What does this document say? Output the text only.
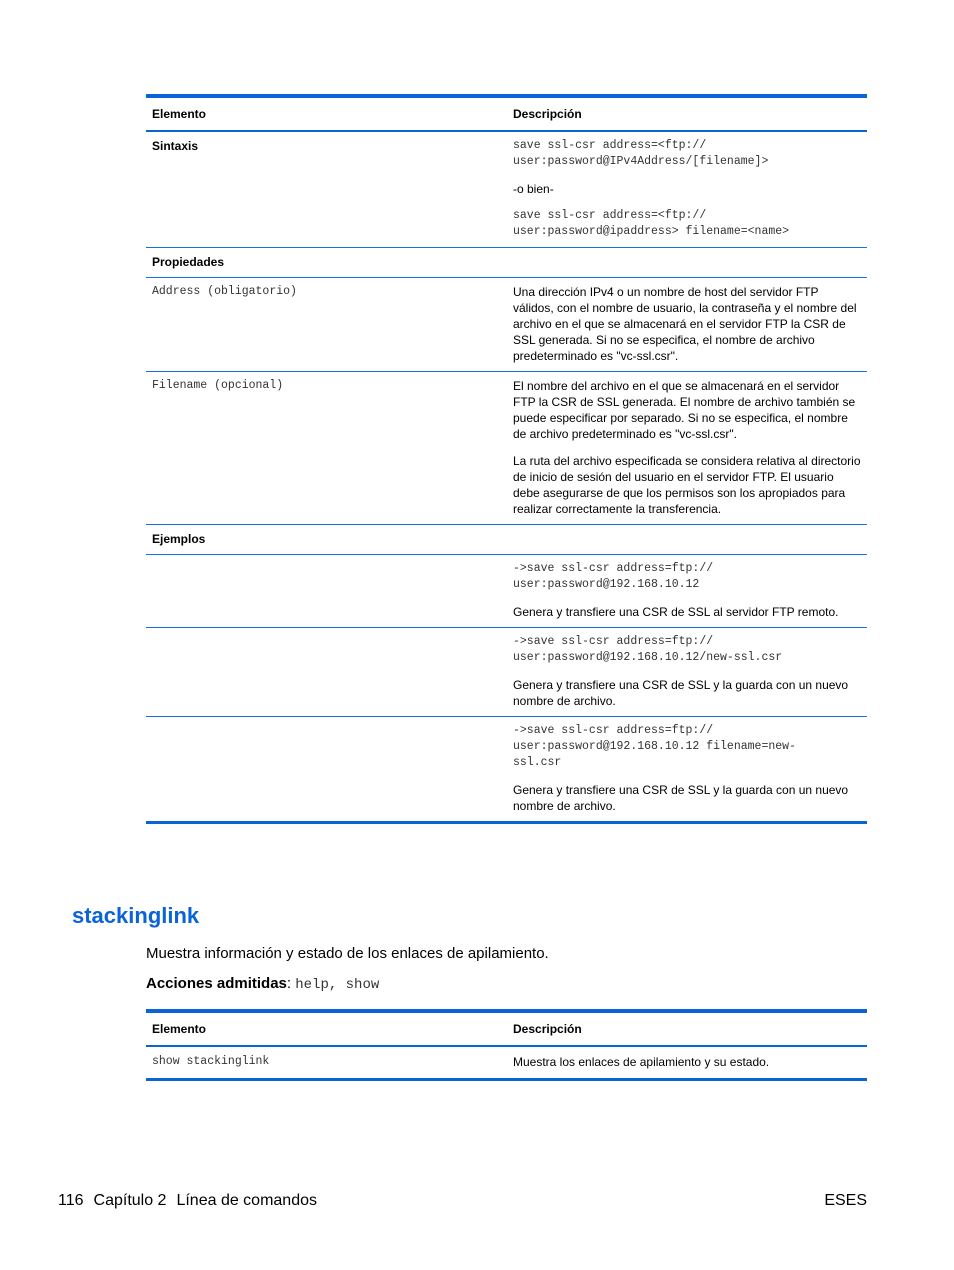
Elemento	Descripción
Sintaxis	save ssl-csr address=<ftp://
user:password@IPv4Address/[filename]>
-o bien-
save ssl-csr address=<ftp://
user:password@ipaddress> filename=<name>

Propiedades	
Address (obligatorio)	Una dirección IPv4 o un nombre de host del servidor FTP válidos, con el nombre de usuario, la contraseña y el nombre del archivo en el que se almacenará en el servidor FTP la CSR de SSL generada. Si no se especifica, el nombre de archivo predeterminado es "vc-ssl.csr".
Filename (opcional)	El nombre del archivo en el que se almacenará en el servidor FTP la CSR de SSL generada. El nombre de archivo también se puede especificar por separado. Si no se especifica, el nombre de archivo predeterminado es "vc-ssl.csr".
La ruta del archivo especificada se considera relativa al directorio de inicio de sesión del usuario en el servidor FTP. El usuario debe asegurarse de que los permisos son los apropiados para realizar correctamente la transferencia.

Ejemplos	

	->save ssl-csr address=ftp://
user:password@192.168.10.12
Genera y transfiere una CSR de SSL al servidor FTP remoto.

	->save ssl-csr address=ftp://
user:password@192.168.10.12/new-ssl.csr
Genera y transfiere una CSR de SSL y la guarda con un nuevo nombre de archivo.

	->save ssl-csr address=ftp://
user:password@192.168.10.12 filename=new-
ssl.csr
Genera y transfiere una CSR de SSL y la guarda con un nuevo nombre de archivo.
stackinglink

Muestra información y estado de los enlaces de apilamiento.

Acciones admitidas: help, show

Elemento	Descripción
show stackinglink	Muestra los enlaces de apilamiento y su estado.
116 Capítulo 2 Línea de comandos	ESES
